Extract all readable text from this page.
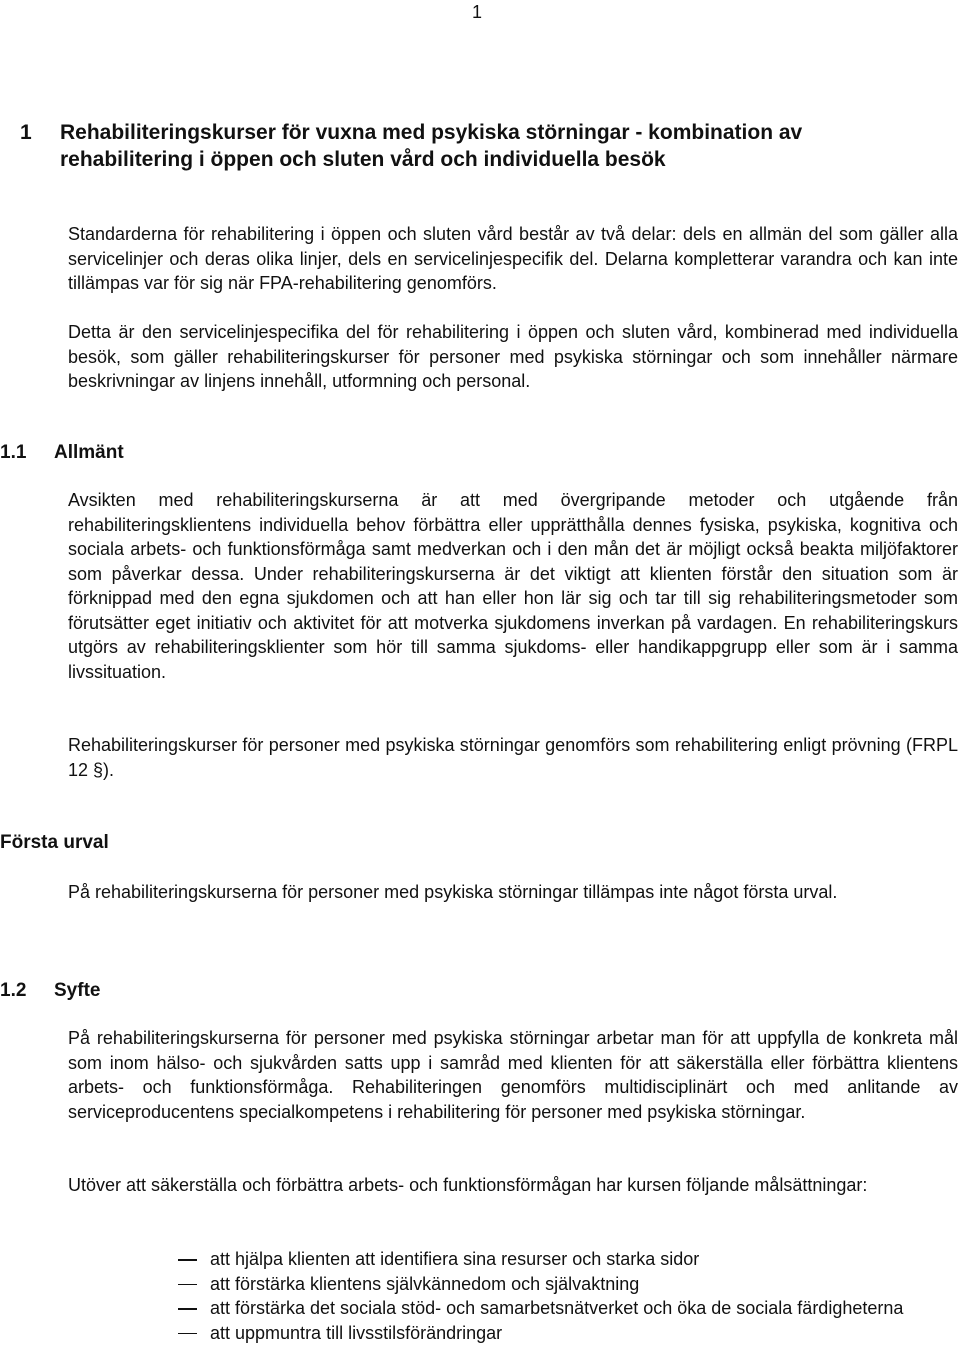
1
1 Rehabiliteringskurser för vuxna med psykiska störningar - kombination av rehabilitering i öppen och sluten vård och individuella besök

Standarderna för rehabilitering i öppen och sluten vård består av två delar: dels en allmän del som gäller alla servicelinjer och deras olika linjer, dels en servicelinjespecifik del. Delarna kompletterar varandra och kan inte tillämpas var för sig när FPA-rehabilitering genomförs.

Detta är den servicelinjespecifika del för rehabilitering i öppen och sluten vård, kombinerad med individuella besök, som gäller rehabiliteringskurser för personer med psykiska störningar och som innehåller närmare beskrivningar av linjens innehåll, utformning och personal.

1.1 Allmänt

Avsikten med rehabiliteringskurserna är att med övergripande metoder och utgående från rehabiliteringsklientens individuella behov förbättra eller upprätthålla dennes fysiska, psykiska, kognitiva och sociala arbets- och funktionsförmåga samt medverkan och i den mån det är möjligt också beakta miljöfaktorer som påverkar dessa. Under rehabiliteringskurserna är det viktigt att klienten förstår den situation som är förknippad med den egna sjukdomen och att han eller hon lär sig och tar till sig rehabiliteringsmetoder som förutsätter eget initiativ och aktivitet för att motverka sjukdomens inverkan på vardagen. En rehabiliteringskurs utgörs av rehabiliteringsklienter som hör till samma sjukdoms- eller handikappgrupp eller som är i samma livssituation.

Rehabiliteringskurser för personer med psykiska störningar genomförs som rehabilitering enligt prövning (FRPL 12 §).

Första urval

På rehabiliteringskurserna för personer med psykiska störningar tillämpas inte något första urval.

1.2 Syfte

På rehabiliteringskurserna för personer med psykiska störningar arbetar man för att uppfylla de konkreta mål som inom hälso- och sjukvården satts upp i samråd med klienten för att säkerställa eller förbättra klientens arbets- och funktionsförmåga. Rehabiliteringen genomförs multidisciplinärt och med anlitande av serviceproducentens specialkompetens i rehabilitering för personer med psykiska störningar.

Utöver att säkerställa och förbättra arbets- och funktionsförmågan har kursen följande målsättningar:

att hjälpa klienten att identifiera sina resurser och starka sidor
att förstärka klientens självkännedom och självaktning
att förstärka det sociala stöd- och samarbetsnätverket och öka de sociala färdigheterna
att uppmuntra till livsstilsförändringar
